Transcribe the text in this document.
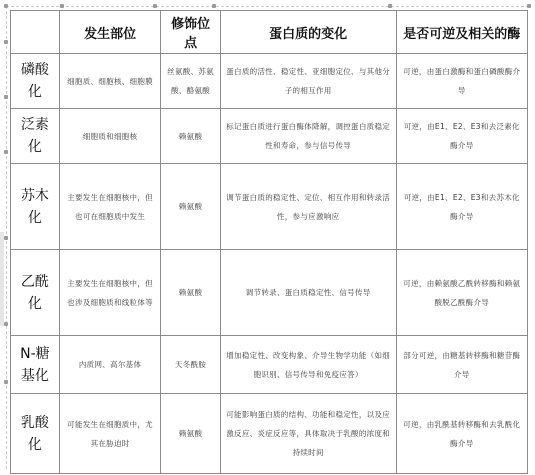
	发生部位	修饰位点	蛋白质的变化	是否可逆及相关的酶
磷酸化	细胞质、细胞核、细胞膜	丝氨酸、苏氨酸、酪氨酸	蛋白质的活性、稳定性、亚细胞定位、与其他分子的相互作用	可逆，由蛋白激酶和蛋白磷酸酶介导
泛素化	细胞质和细胞核	赖氨酸	标记蛋白质进行蛋白酶体降解，调控蛋白质稳定性和寿命，参与信号传导	可逆，由E1、E2、E3和去泛素化酶介导
苏木化	主要发生在细胞核中，但也可在细胞质中发生	赖氨酸	调节蛋白质的稳定性、定位、相互作用和转录活性，参与应激响应	可逆，由E1、E2、E3和去苏木化酶介导
乙酰化	主要发生在细胞核中，但也涉及细胞质和线粒体等	赖氨酸	调节转录、蛋白质稳定性、信号传导	可逆，由赖氨酸乙酰转移酶和赖氨酸脱乙酰酶介导
N-糖基化	内质网、高尔基体	天冬酰胺	增加稳定性、改变构象、介导生物学功能（如细胞识别、信号传导和免疫应答）	部分可逆，由糖基转移酶和糖苷酶介导
乳酸化	可能发生在细胞质中，尤其在胁迫时	赖氨酸	可能影响蛋白质的结构、功能和稳定性，以及应激反应、炎症反应等，具体取决于乳酸的浓度和持续时间	可逆，由乳酰基转移酶和去乳酰化酶介导
